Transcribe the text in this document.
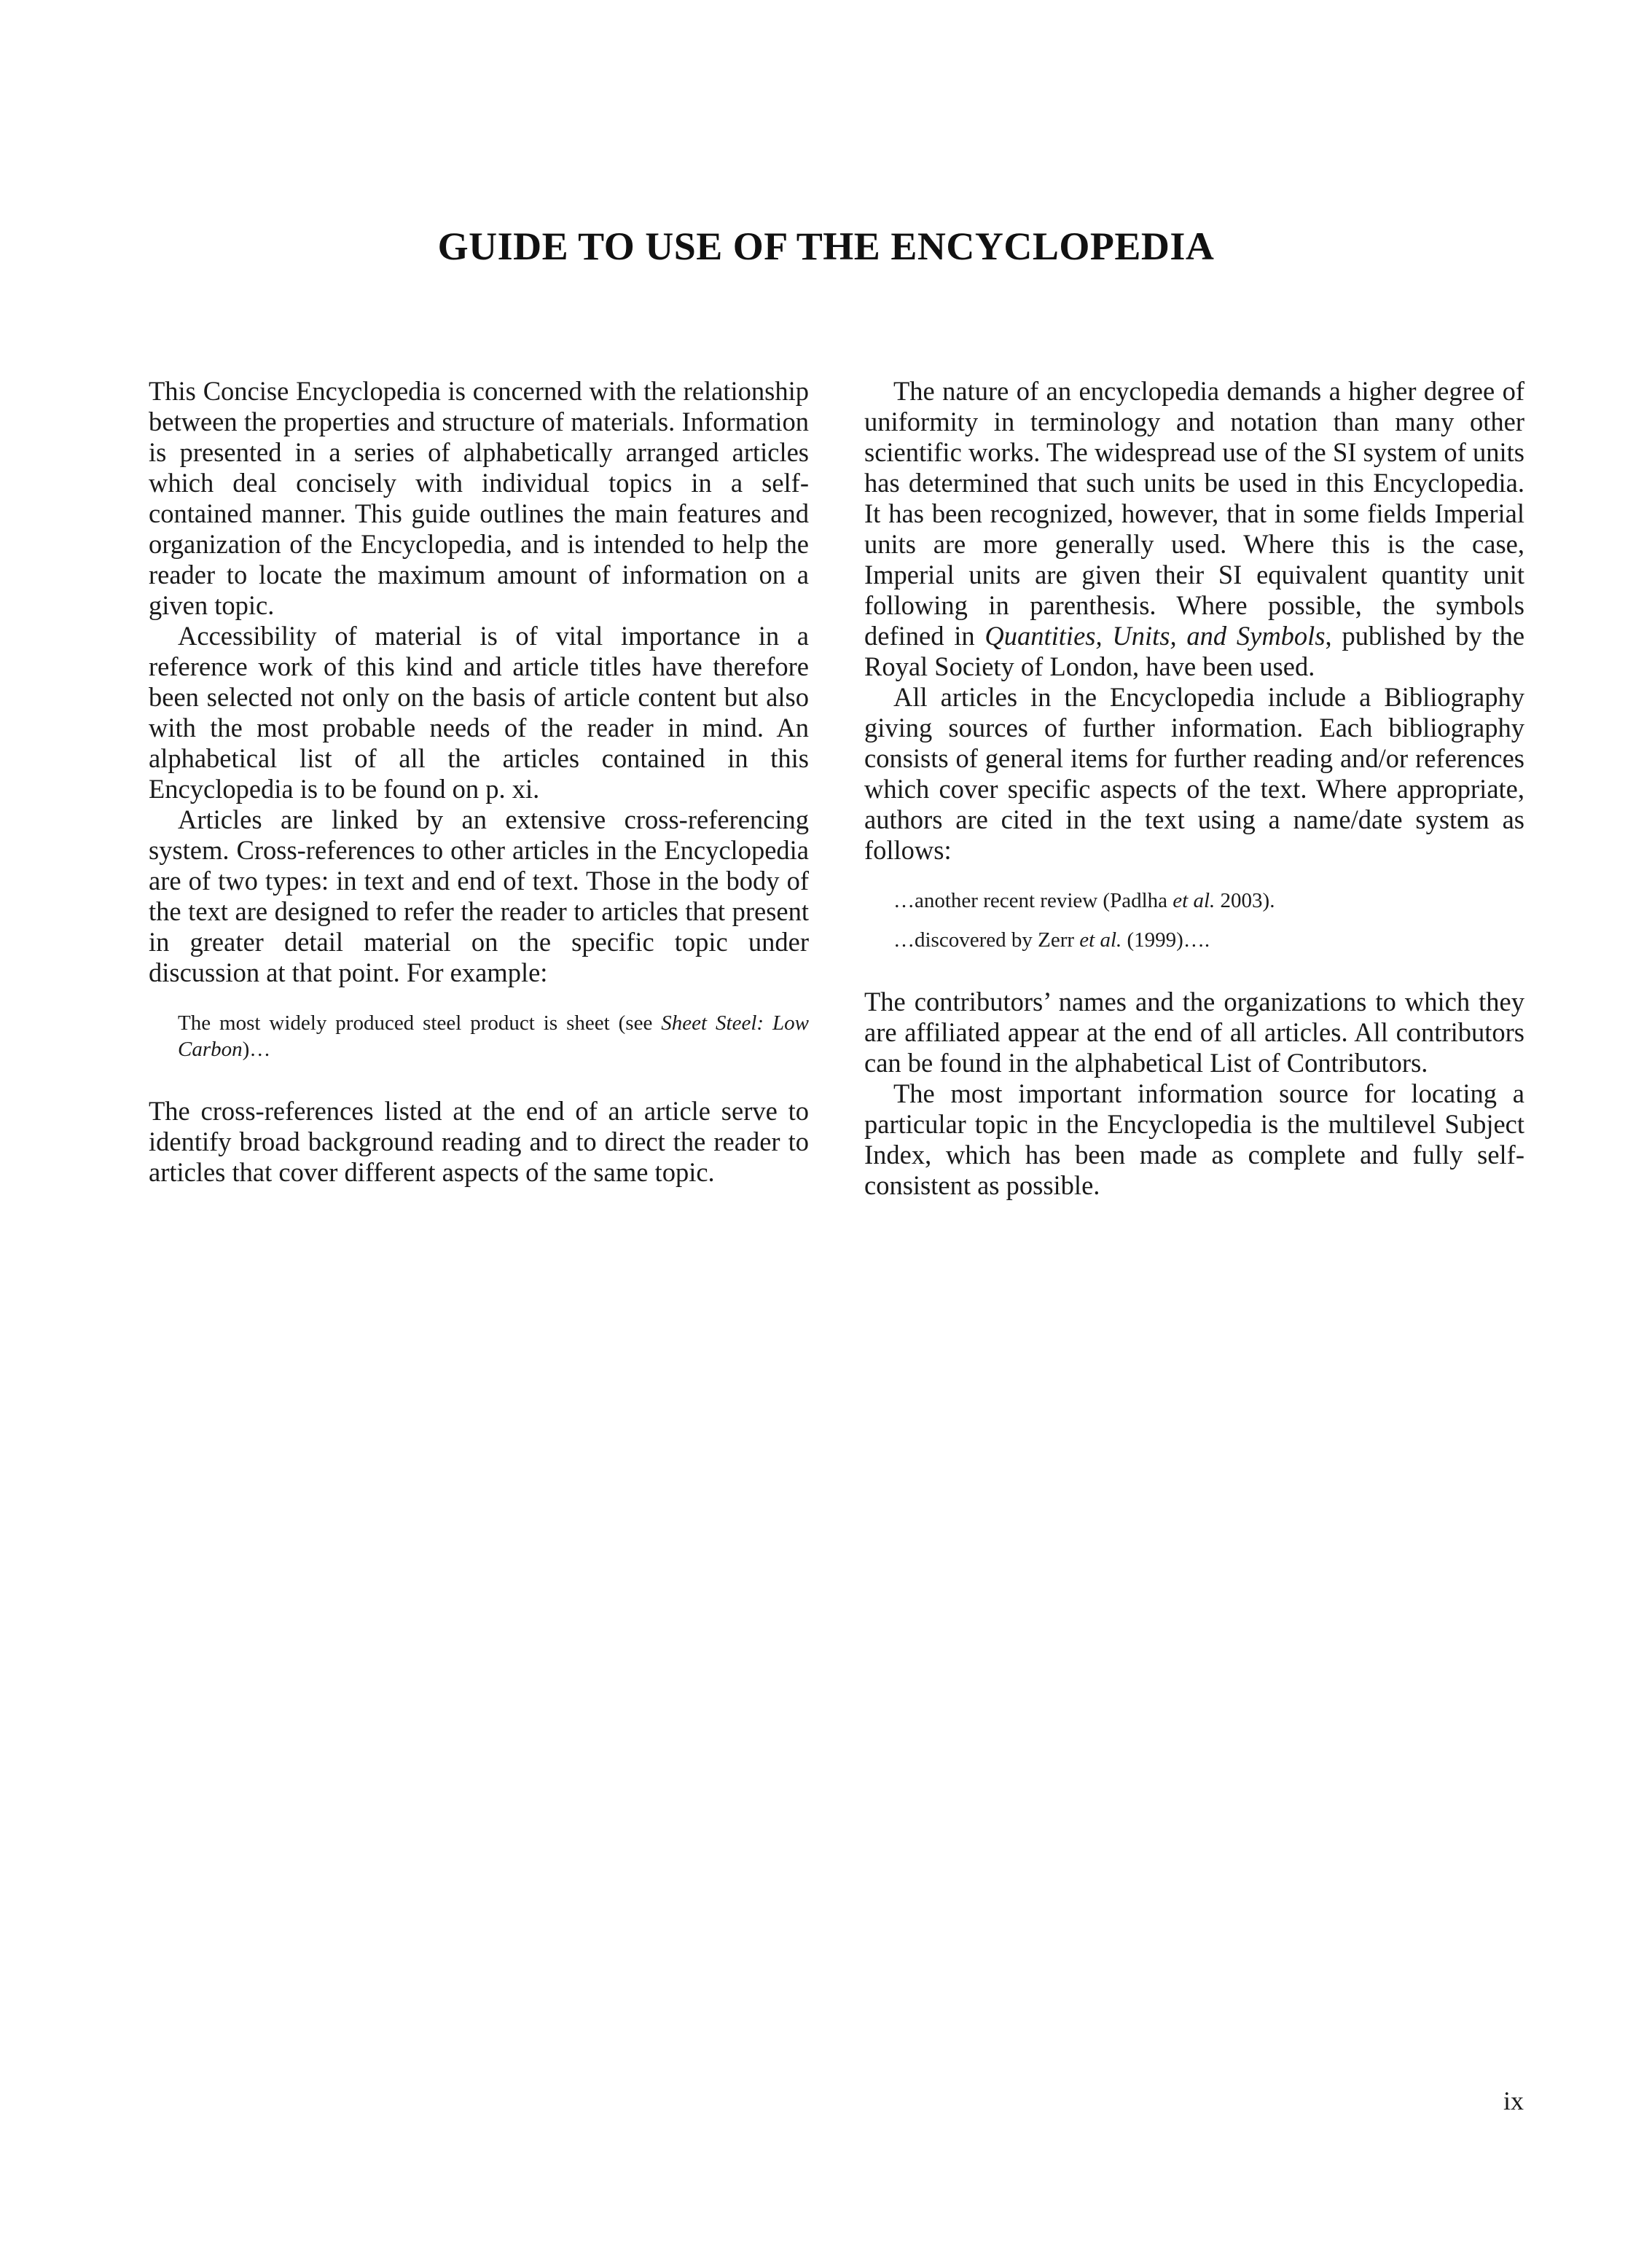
GUIDE TO USE OF THE ENCYCLOPEDIA

This Concise Encyclopedia is concerned with the relationship between the properties and structure of materials. Information is presented in a series of alphabetically arranged articles which deal concisely with individual topics in a self-contained manner. This guide outlines the main features and organization of the Encyclopedia, and is intended to help the reader to locate the maximum amount of information on a given topic.

Accessibility of material is of vital importance in a reference work of this kind and article titles have therefore been selected not only on the basis of article content but also with the most probable needs of the reader in mind. An alphabetical list of all the articles contained in this Encyclopedia is to be found on p. xi.

Articles are linked by an extensive cross-referencing system. Cross-references to other articles in the Encyclopedia are of two types: in text and end of text. Those in the body of the text are designed to refer the reader to articles that present in greater detail material on the specific topic under discussion at that point. For example:

The most widely produced steel product is sheet (see Sheet Steel: Low Carbon)…

The cross-references listed at the end of an article serve to identify broad background reading and to direct the reader to articles that cover different aspects of the same topic.

The nature of an encyclopedia demands a higher degree of uniformity in terminology and notation than many other scientific works. The widespread use of the SI system of units has determined that such units be used in this Encyclopedia. It has been recognized, however, that in some fields Imperial units are more generally used. Where this is the case, Imperial units are given their SI equivalent quantity unit following in parenthesis. Where possible, the symbols defined in Quantities, Units, and Symbols, published by the Royal Society of London, have been used.

All articles in the Encyclopedia include a Bibliography giving sources of further information. Each bibliography consists of general items for further reading and/or references which cover specific aspects of the text. Where appropriate, authors are cited in the text using a name/date system as follows:

…another recent review (Padlha et al. 2003).

…discovered by Zerr et al. (1999)….

The contributors’ names and the organizations to which they are affiliated appear at the end of all articles. All contributors can be found in the alphabetical List of Contributors.

The most important information source for locating a particular topic in the Encyclopedia is the multilevel Subject Index, which has been made as complete and fully self-consistent as possible.

ix
